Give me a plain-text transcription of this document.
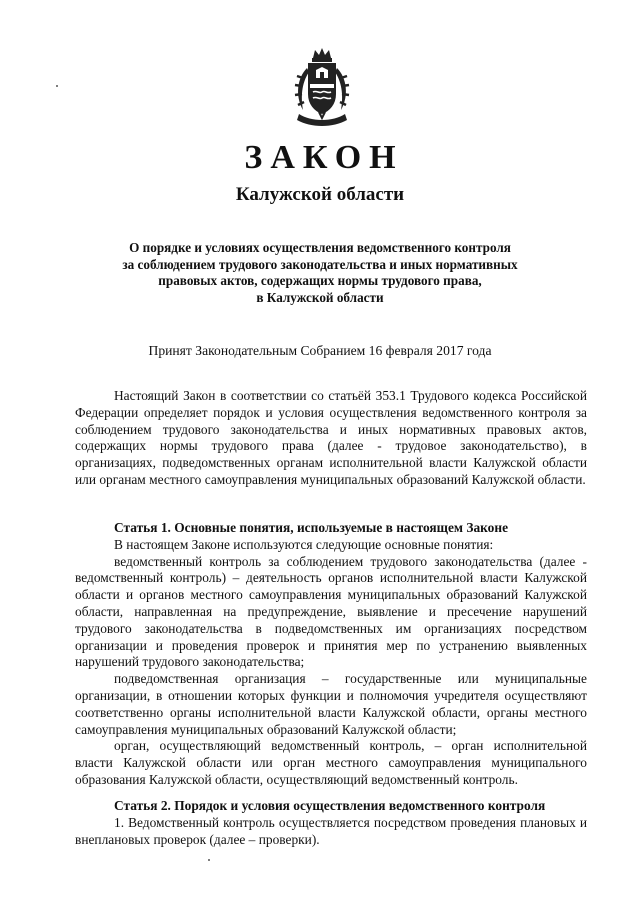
ЗАКОН
Калужской области
О порядке и условиях осуществления ведомственного контроля
за соблюдением трудового законодательства и иных нормативных
правовых актов, содержащих нормы трудового права,
в Калужской области
Принят Законодательным Собранием 16 февраля 2017 года

Настоящий Закон в соответствии со статьёй 353.1 Трудового кодекса Российской Федерации определяет порядок и условия осуществления ведомственного контроля за соблюдением трудового законодательства и иных нормативных правовых актов, содержащих нормы трудового права (далее - трудовое законодательство), в организациях, подведомственных органам исполнительной власти Калужской области или органам местного самоуправления муниципальных образований Калужской области.

Статья 1. Основные понятия, используемые в настоящем Законе

В настоящем Законе используются следующие основные понятия:

ведомственный контроль за соблюдением трудового законодательства (далее - ведомственный контроль) – деятельность органов исполнительной власти Калужской области и органов местного самоуправления муниципальных образований Калужской области, направленная на предупреждение, выявление и пресечение нарушений трудового законодательства в подведомственных им организациях посредством организации и проведения проверок и принятия мер по устранению выявленных нарушений трудового законодательства;

подведомственная организация – государственные или муниципальные организации, в отношении которых функции и полномочия учредителя осуществляют соответственно органы исполнительной власти Калужской области, органы местного самоуправления муниципальных образований Калужской области;

орган, осуществляющий ведомственный контроль, – орган исполнительной власти Калужской области или орган местного самоуправления муниципального образования Калужской области, осуществляющий ведомственный контроль.

Статья 2. Порядок и условия осуществления ведомственного контроля

1. Ведомственный контроль осуществляется посредством проведения плановых и внеплановых проверок (далее – проверки).
